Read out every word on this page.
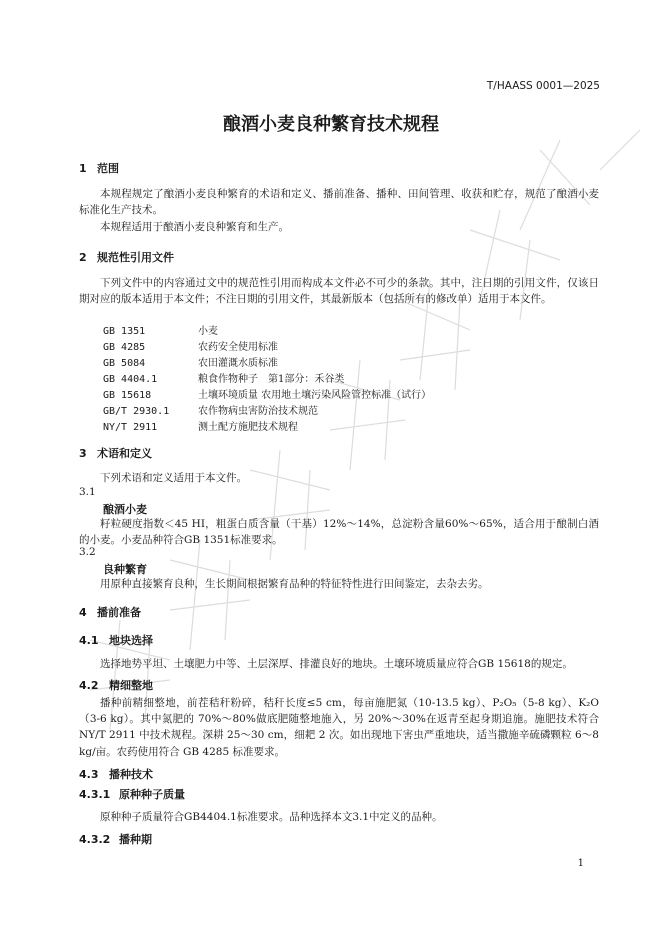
T/HAASS 0001—2025
酿酒小麦良种繁育技术规程
1 范围
本规程规定了酿酒小麦良种繁育的术语和定义、播前准备、播种、田间管理、收获和贮存，规范了酿酒小麦标准化生产技术。
本规程适用于酿酒小麦良种繁育和生产。
2 规范性引用文件
下列文件中的内容通过文中的规范性引用而构成本文件必不可少的条款。其中，注日期的引用文件，仅该日期对应的版本适用于本文件；不注日期的引用文件，其最新版本（包括所有的修改单）适用于本文件。
GB 1351	小麦
GB 4285	农药安全使用标准
GB 5084	农田灌溉水质标准
GB 4404.1	粮食作物种子　第1部分：禾谷类
GB 15618	土壤环境质量 农用地土壤污染风险管控标准（试行）
GB/T 2930.1	农作物病虫害防治技术规范
NY/T 2911	测土配方施肥技术规程
3 术语和定义
下列术语和定义适用于本文件。
3.1
酿酒小麦
籽粒硬度指数＜45 HI，粗蛋白质含量（干基）12%～14%，总淀粉含量60%～65%，适合用于酿制白酒的小麦。小麦品种符合GB 1351标准要求。
3.2
良种繁育
用原种直接繁育良种，生长期间根据繁育品种的特征特性进行田间鉴定，去杂去劣。
4 播前准备
4.1 地块选择
选择地势平坦、土壤肥力中等、土层深厚、排灌良好的地块。土壤环境质量应符合GB 15618的规定。
4.2 精细整地
播种前精细整地，前茬秸秆粉碎，秸秆长度≤5 cm，每亩施肥氮（10-13.5 kg）、P₂O₅（5-8 kg）、K₂O（3-6 kg）。其中氮肥的 70%～80%做底肥随整地施入，另 20%～30%在返青至起身期追施。施肥技术符合NY/T 2911 中技术规程。深耕 25～30 cm，细耙 2 次。如出现地下害虫严重地块，适当撒施辛硫磷颗粒 6～8 kg/亩。农药使用符合 GB 4285 标准要求。
4.3 播种技术
4.3.1 原种种子质量
原种种子质量符合GB4404.1标准要求。品种选择本文3.1中定义的品种。
4.3.2 播种期
1
